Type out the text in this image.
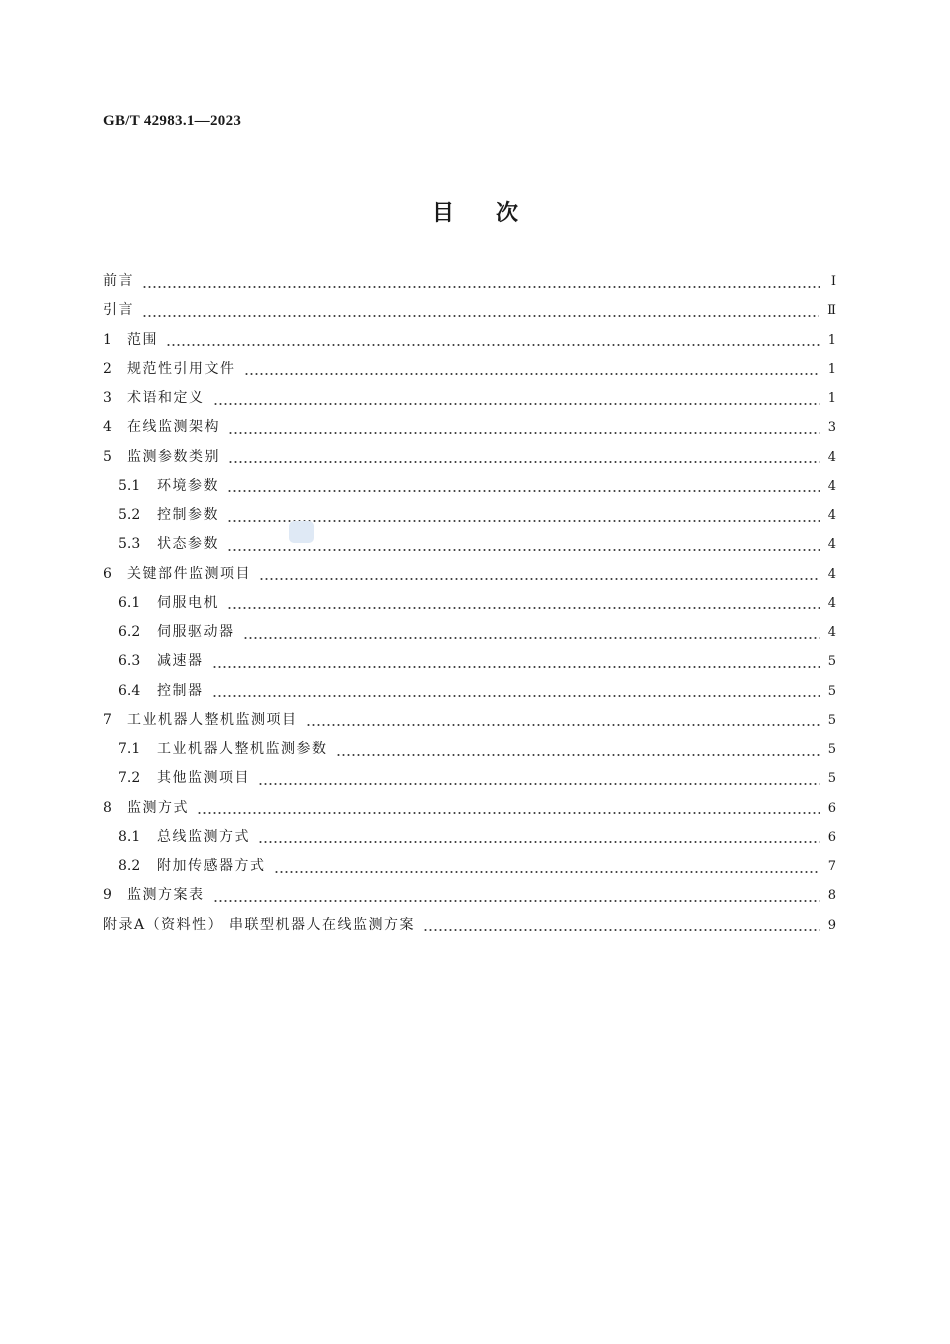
GB/T 42983.1—2023
目次
前言	Ⅰ
引言	Ⅱ
1	范围	1
2	规范性引用文件	1
3	术语和定义	1
4	在线监测架构	3
5	监测参数类别	4
5.1	环境参数	4
5.2	控制参数	4
5.3	状态参数	4
6	关键部件监测项目	4
6.1	伺服电机	4
6.2	伺服驱动器	4
6.3	减速器	5
6.4	控制器	5
7	工业机器人整机监测项目	5
7.1	工业机器人整机监测参数	5
7.2	其他监测项目	5
8	监测方式	6
8.1	总线监测方式	6
8.2	附加传感器方式	7
9	监测方案表	8
附录A（资料性） 串联型机器人在线监测方案	9
